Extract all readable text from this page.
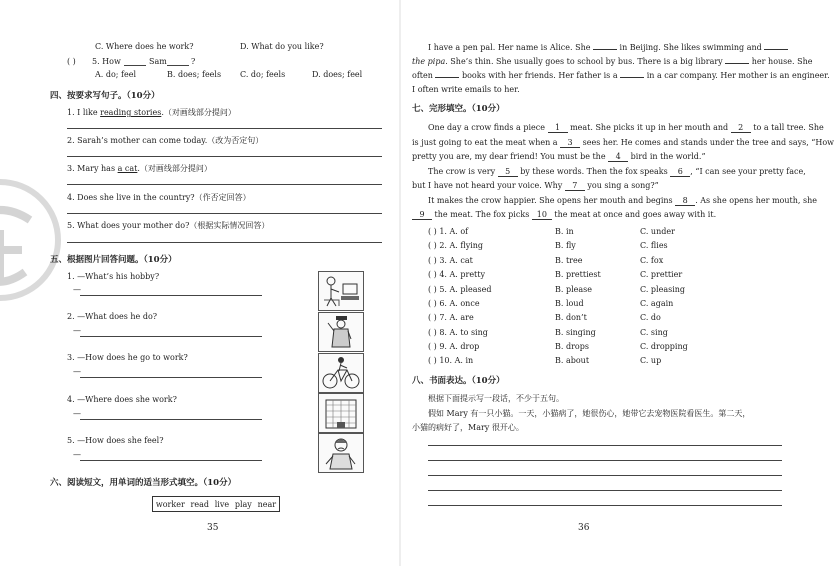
C. Where does he work?	D. What do you like?
( ) 5. How	Sam	?
A. do; feel	B. does; feels C. do; feels	D. does; feel
四、按要求写句子。（10分）
1. I like reading stories.（对画线部分提问）
2. Sarah’s mother can come today.（改为否定句）
3. Mary has a cat.（对画线部分提问）
4. Does she live in the country?（作否定回答）
5. What does your mother do?（根据实际情况回答）
五、根据图片回答问题。（10分）
1. —What’s his hobby?
—
2. —What does he do?
—
3. —How does he go to work?
—
4. —Where does she work?
—
5. —How does she feel?
—
六、阅读短文，用单词的适当形式填空。（10分）
worker read live play near
35
I have a pen pal. Her name is Alice. She	in Beijing. She likes swimming and
the pipa. She’s thin. She usually goes to school by bus. There is a big library	her house. She
often	books with her friends. Her father is a	in a car company. Her mother is an engineer.
I often write emails to her.
七、完形填空。（10分）
One day a crow finds a piece 1 meat. She picks it up in her mouth and 2 to a tall tree. She
is just going to eat the meat when a 3 sees her. He comes and stands under the tree and says, “How
pretty you are, my dear friend! You must be the 4 bird in the world.”
The crow is very 5 by these words. Then the fox speaks 6 , “I can see your pretty face,
but I have not heard your voice. Why 7 you sing a song?”
It makes the crow happier. She opens her mouth and begins 8 . As she opens her mouth, she
9 the meat. The fox picks 10 the meat at once and goes away with it.
( ) 1. A. of	B. in	C. under
( ) 2. A. flying	B. fly	C. flies
( ) 3. A. cat	B. tree	C. fox
( ) 4. A. pretty	B. prettiest	C. prettier
( ) 5. A. pleased	B. please	C. pleasing
( ) 6. A. once	B. loud	C. again
( ) 7. A. are	B. don’t	C. do
( ) 8. A. to sing	B. singing	C. sing
( ) 9. A. drop	B. drops	C. dropping
( ) 10. A. in	B. about	C. up
八、书面表达。（10分）
根据下面提示写一段话，不少于五句。
假如 Mary 有一只小猫。一天，小猫病了，她很伤心，她带它去宠物医院看医生。第二天，
小猫的病好了，Mary 很开心。
36
